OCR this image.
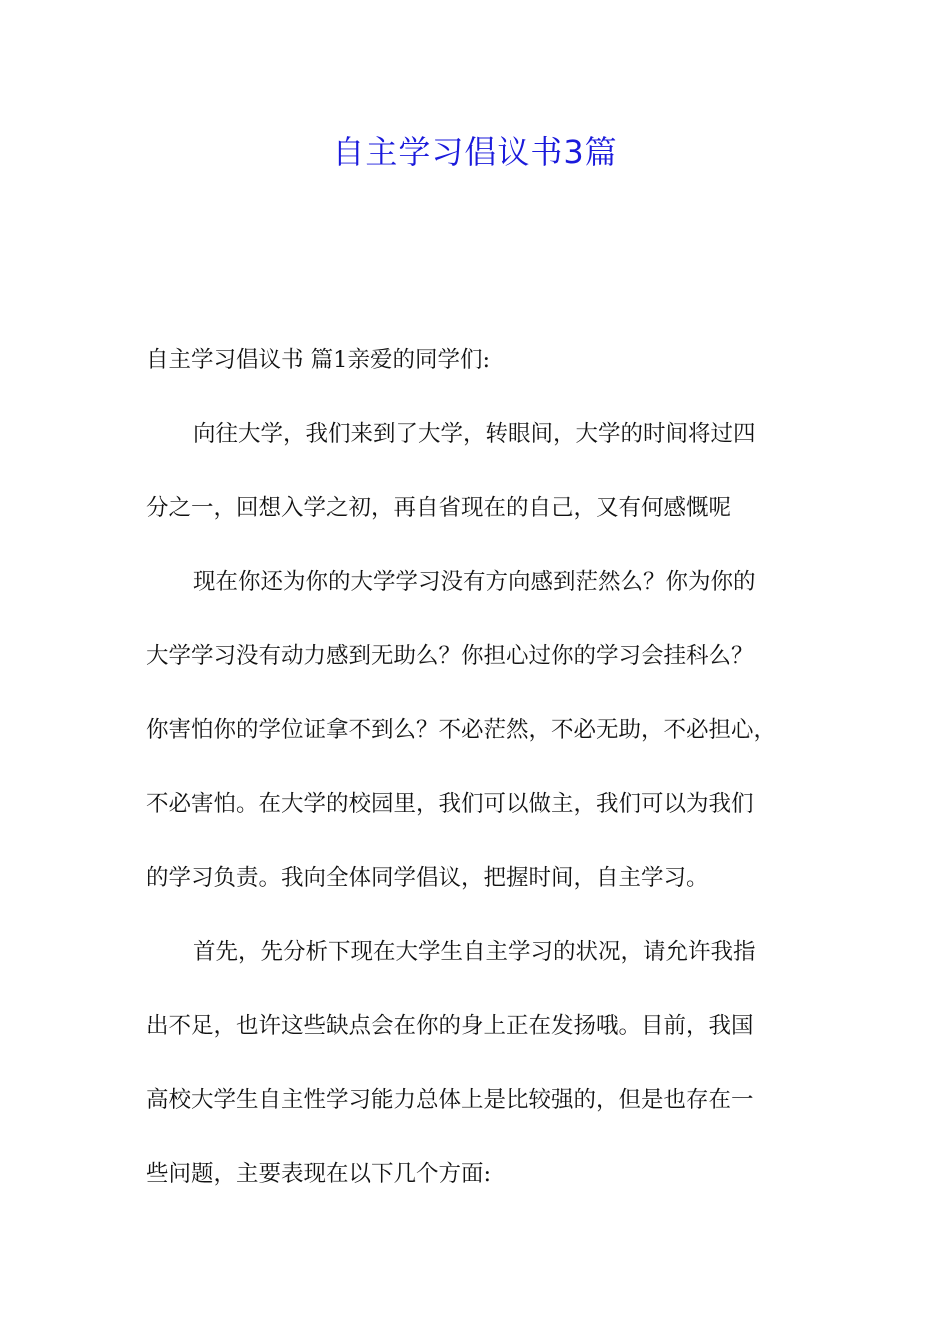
自主学习倡议书3篇
自主学习倡议书 篇1亲爱的同学们:
向往大学，我们来到了大学，转眼间，大学的时间将过四
分之一，回想入学之初，再自省现在的自己，又有何感慨呢
现在你还为你的大学学习没有方向感到茫然么？你为你的
大学学习没有动力感到无助么？你担心过你的学习会挂科么？
你害怕你的学位证拿不到么？不必茫然，不必无助，不必担心，
不必害怕。在大学的校园里，我们可以做主，我们可以为我们
的学习负责。我向全体同学倡议，把握时间，自主学习。
首先，先分析下现在大学生自主学习的状况，请允许我指
出不足，也许这些缺点会在你的身上正在发扬哦。目前，我国
高校大学生自主性学习能力总体上是比较强的，但是也存在一
些问题，主要表现在以下几个方面:
